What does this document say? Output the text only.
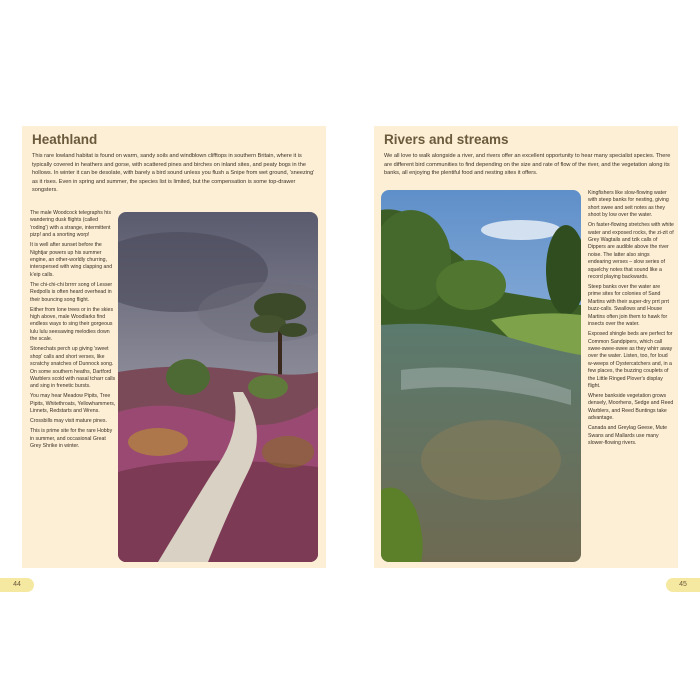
Heathland
This rare lowland habitat is found on warm, sandy soils and windblown clifftops in southern Britain, where it is typically covered in heathers and gorse, with scattered pines and birches on inland sites, and peaty bogs in the hollows. In winter it can be desolate, with barely a bird sound unless you flush a Snipe from wet ground, 'sneezing' as it rises. Even in spring and summer, the species list is limited, but the compensation is some top-drawer songsters.

The male Woodcock telegraphs his wandering dusk flights (called 'roding') with a strange, intermittent pizp! and a snorting worp!

It is well after sunset before the Nightjar powers up his summer engine, an other-worldly churring, interspersed with wing clapping and k'eip calls.

The chi-chi-chi brrrrr song of Lesser Redpolls is often heard overhead in their bouncing song flight.

Either from lone trees or in the skies high above, male Woodlarks find endless ways to sing their gorgeous lulu lulu seesawing melodies down the scale.

Stonechats perch up giving 'sweet shop' calls and short verses, like scratchy snatches of Dunnock song. On some southern heaths, Dartford Warblers scold with nasal tcharr calls and sing in frenetic bursts.

You may hear Meadow Pipits, Tree Pipits, Whitethroats, Yellowhammers, Linnets, Redstarts and Wrens.

Crossbills may visit mature pines.

This is prime site for the rare Hobby in summer, and occasional Great Grey Shrike in winter.

44
Rivers and streams
We all love to walk alongside a river, and rivers offer an excellent opportunity to hear many specialist species. There are different bird communities to find depending on the size and rate of flow of the river, and the vegetation along its banks, all enjoying the plentiful food and nesting sites it offers.

Kingfishers like slow-flowing water with steep banks for nesting, giving short swee and seit notes as they shoot by low over the water.

On faster-flowing stretches with white water and exposed rocks, the zi-zit of Grey Wagtails and tzik calls of Dippers are audible above the river noise. The latter also sings endearing verses – slow series of squelchy notes that sound like a record playing backwards.

Steep banks over the water are prime sites for colonies of Sand Martins with their super-dry prrt prrt buzz-calls. Swallows and House Martins often join them to hawk for insects over the water.

Exposed shingle beds are perfect for Common Sandpipers, which call swee-swee-swee as they whirr away over the water. Listen, too, for loud w-weeps of Oystercatchers and, in a few places, the buzzing couplets of the Little Ringed Plover's display flight.

Where bankside vegetation grows densely, Moorhens, Sedge and Reed Warblers, and Reed Buntings take advantage.

Canada and Greylag Geese, Mute Swans and Mallards use many slower-flowing rivers.

45
